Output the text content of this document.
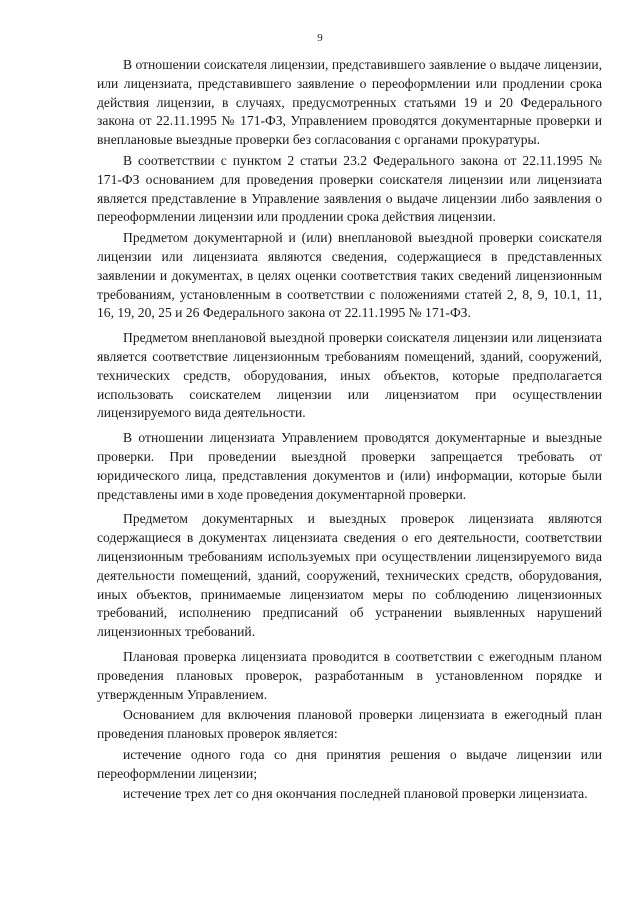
9

В отношении соискателя лицензии, представившего заявление о выдаче лицензии, или лицензиата, представившего заявление о переоформлении или продлении срока действия лицензии, в случаях, предусмотренных статьями 19 и 20 Федерального закона от 22.11.1995 № 171-ФЗ, Управлением проводятся документарные проверки и внеплановые выездные проверки без согласования с органами прокуратуры.

В соответствии с пунктом 2 статьи 23.2 Федерального закона от 22.11.1995 № 171-ФЗ основанием для проведения проверки соискателя лицензии или лицензиата является представление в Управление заявления о выдаче лицензии либо заявления о переоформлении лицензии или продлении срока действия лицензии.

Предметом документарной и (или) внеплановой выездной проверки соискателя лицензии или лицензиата являются сведения, содержащиеся в представленных заявлении и документах, в целях оценки соответствия таких сведений лицензионным требованиям, установленным в соответствии с положениями статей 2, 8, 9, 10.1, 11, 16, 19, 20, 25 и 26 Федерального закона от 22.11.1995 № 171-ФЗ.

Предметом внеплановой выездной проверки соискателя лицензии или лицензиата является соответствие лицензионным требованиям помещений, зданий, сооружений, технических средств, оборудования, иных объектов, которые предполагается использовать соискателем лицензии или лицензиатом при осуществлении лицензируемого вида деятельности.

В отношении лицензиата Управлением проводятся документарные и выездные проверки. При проведении выездной проверки запрещается требовать от юридического лица, представления документов и (или) информации, которые были представлены ими в ходе проведения документарной проверки.

Предметом документарных и выездных проверок лицензиата являются содержащиеся в документах лицензиата сведения о его деятельности, соответствии лицензионным требованиям используемых при осуществлении лицензируемого вида деятельности помещений, зданий, сооружений, технических средств, оборудования, иных объектов, принимаемые лицензиатом меры по соблюдению лицензионных требований, исполнению предписаний об устранении выявленных нарушений лицензионных требований.

Плановая проверка лицензиата проводится в соответствии с ежегодным планом проведения плановых проверок, разработанным в установленном порядке и утвержденным Управлением.

Основанием для включения плановой проверки лицензиата в ежегодный план проведения плановых проверок является:

истечение одного года со дня принятия решения о выдаче лицензии или переоформлении лицензии;

истечение трех лет со дня окончания последней плановой проверки лицензиата.
